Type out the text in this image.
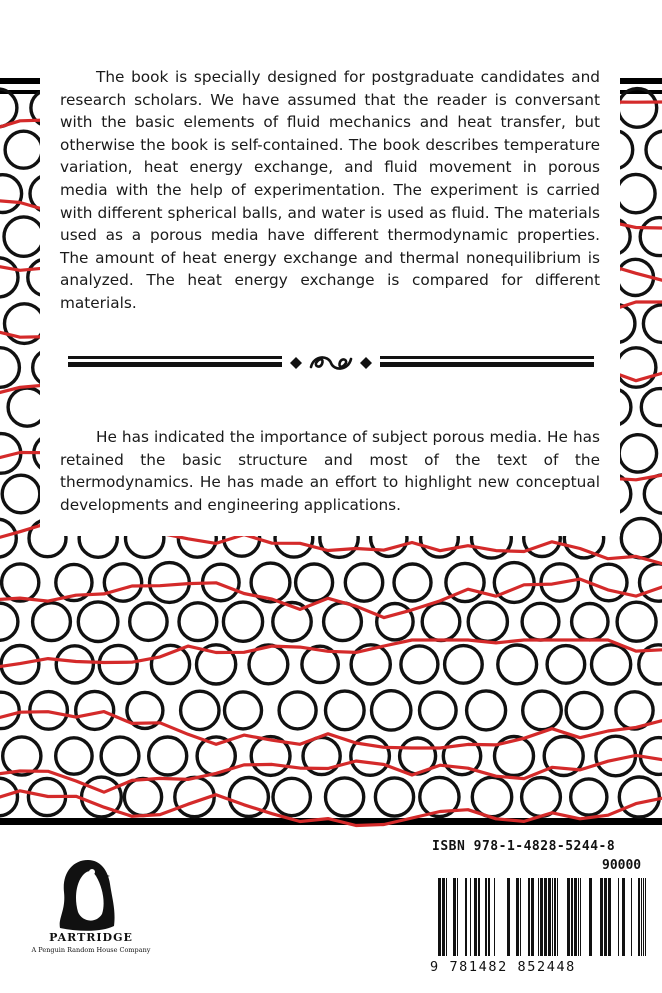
The book is specially designed for postgraduate candidates and research scholars. We have assumed that the reader is conversant with the basic elements of fluid mechanics and heat transfer, but otherwise the book is self-contained. The book describes temperature variation, heat energy exchange, and fluid movement in porous media with the help of experimentation. The experiment is carried with different spherical balls, and water is used as fluid. The materials used as a porous media have different thermodynamic properties. The amount of heat energy exchange and thermal nonequilibrium is analyzed. The heat energy exchange is compared for different materials.

He has indicated the importance of subject porous media. He has retained the basic structure and most of the text of the thermodynamics. He has made an effort to highlight new conceptual developments and engineering applications.

PARTRIDGE
A Penguin Random House Company
ISBN 978-1-4828-5244-8
90000
9 781482 852448
